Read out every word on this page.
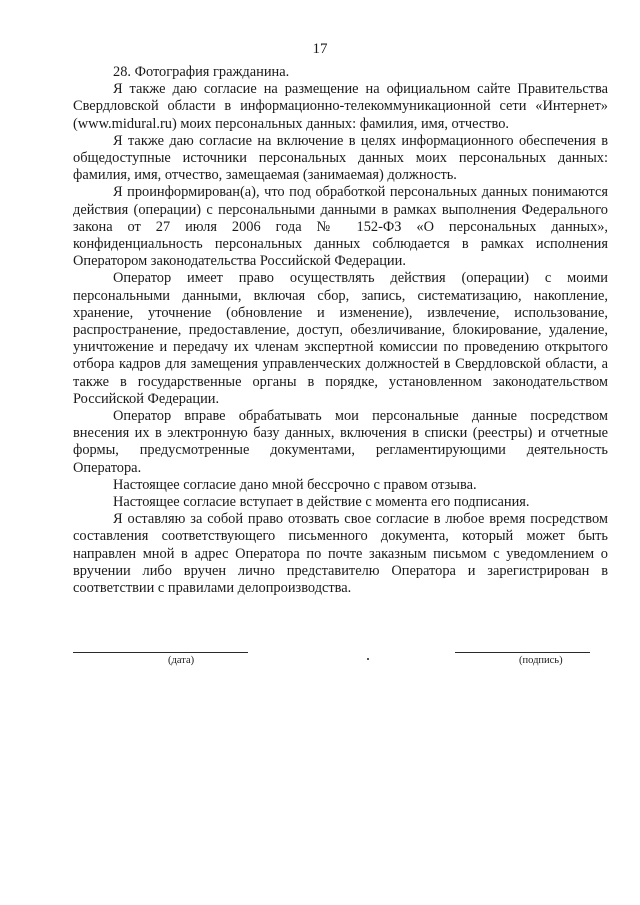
17

28. Фотография гражданина.

Я также даю согласие на размещение на официальном сайте Правительства Свердловской области в информационно-телекоммуникационной сети «Интернет» (www.midural.ru) моих персональных данных: фамилия, имя, отчество.

Я также даю согласие на включение в целях информационного обеспечения в общедоступные источники персональных данных моих персональных данных: фамилия, имя, отчество, замещаемая (занимаемая) должность.

Я проинформирован(а), что под обработкой персональных данных понимаются действия (операции) с персональными данными в рамках выполнения Федерального закона от 27 июля 2006 года № 152-ФЗ «О персональных данных», конфиденциальность персональных данных соблюдается в рамках исполнения Оператором законодательства Российской Федерации.

Оператор имеет право осуществлять действия (операции) с моими персональными данными, включая сбор, запись, систематизацию, накопление, хранение, уточнение (обновление и изменение), извлечение, использование, распространение, предоставление, доступ, обезличивание, блокирование, удаление, уничтожение и передачу их членам экспертной комиссии по проведению открытого отбора кадров для замещения управленческих должностей в Свердловской области, а также в государственные органы в порядке, установленном законодательством Российской Федерации.

Оператор вправе обрабатывать мои персональные данные посредством внесения их в электронную базу данных, включения в списки (реестры) и отчетные формы, предусмотренные документами, регламентирующими деятельность Оператора.

Настоящее согласие дано мной бессрочно с правом отзыва.

Настоящее согласие вступает в действие с момента его подписания.

Я оставляю за собой право отозвать свое согласие в любое время посредством составления соответствующего письменного документа, который может быть направлен мной в адрес Оператора по почте заказным письмом с уведомлением о вручении либо вручен лично представителю Оператора и зарегистрирован в соответствии с правилами делопроизводства.

(дата)	(подпись)
